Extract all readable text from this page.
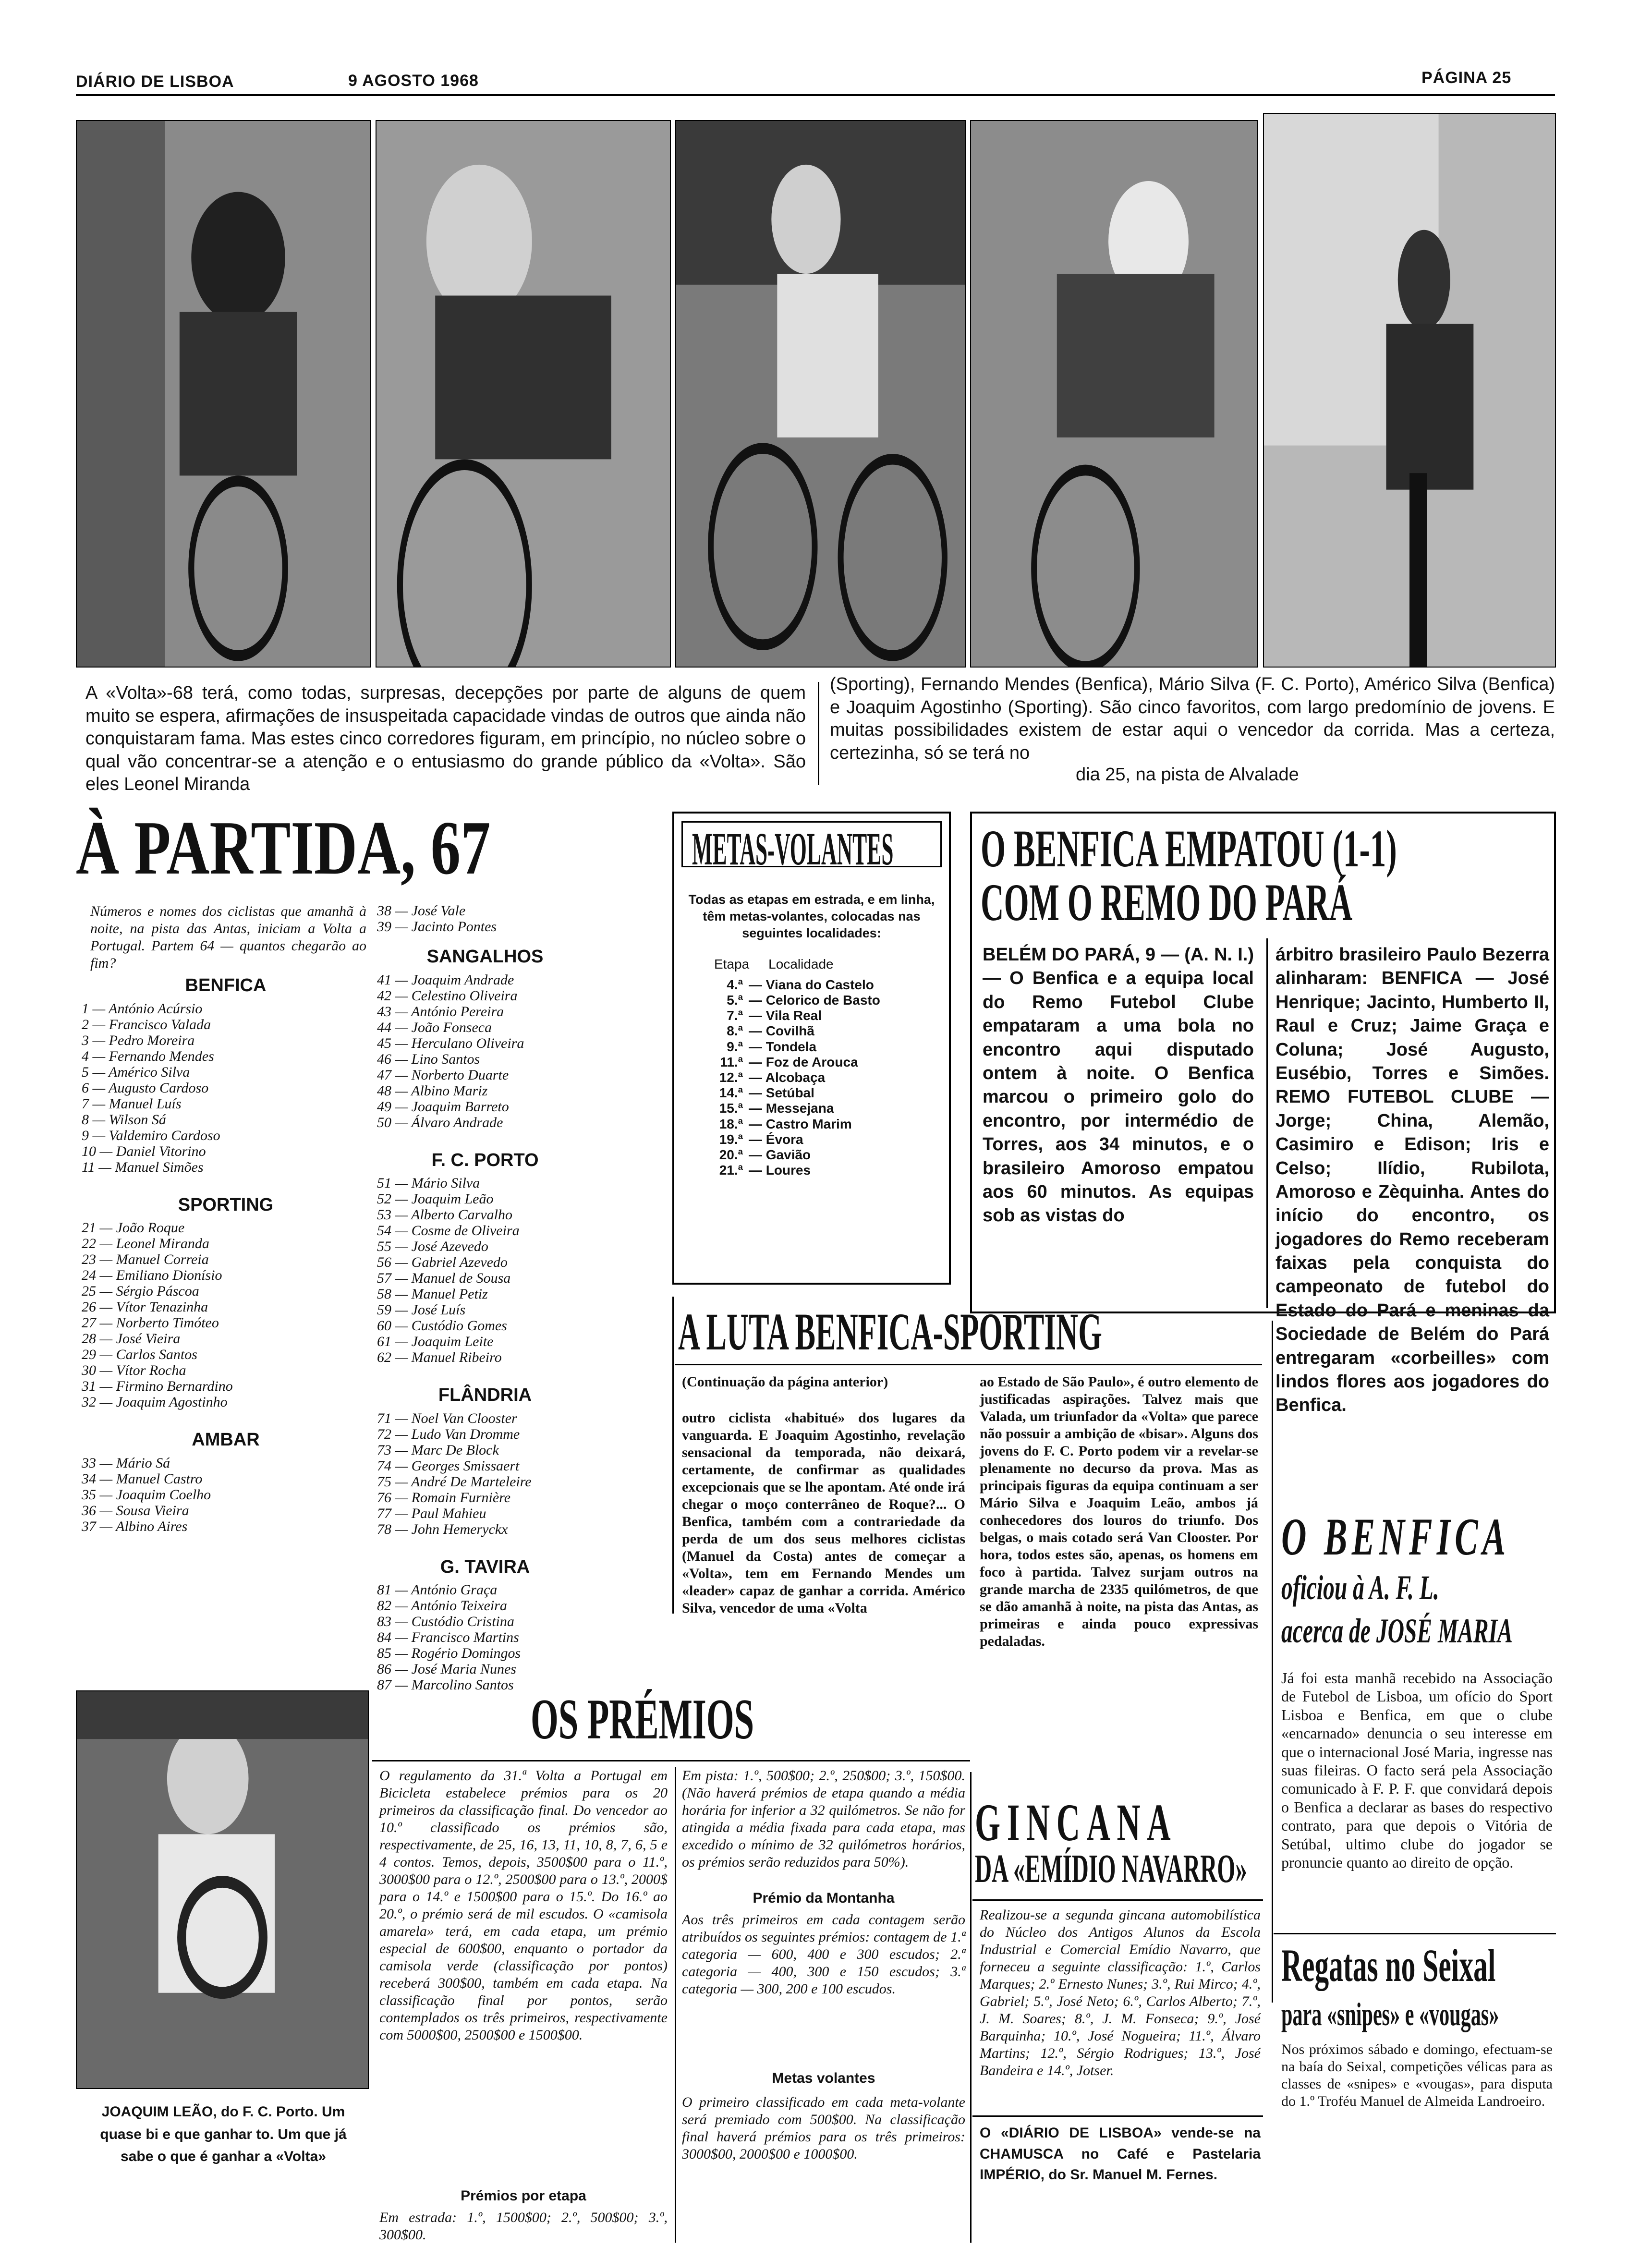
DIÁRIO DE LISBOA	9 AGOSTO 1968	PÁGINA 25
A «Volta»-68 terá, como todas, surpresas, decepções por parte de alguns de quem muito se espera, afirmações de insuspeitada capacidade vindas de outros que ainda não conquistaram fama. Mas estes cinco corredores figuram, em princípio, no núcleo sobre o qual vão concentrar-se a atenção e o entusiasmo do grande público da «Volta». São eles Leonel Miranda
(Sporting), Fernando Mendes (Benfica), Mário Silva (F. C. Porto), Américo Silva (Benfica) e Joaquim Agostinho (Sporting). São cinco favoritos, com largo predomínio de jovens. E muitas possibilidades existem de estar aqui o vencedor da corrida. Mas a certeza, certezinha, só se terá no
dia 25, na pista de Alvalade
À PARTIDA, 67
Números e nomes dos ciclistas que amanhã à noite, na pista das Antas, iniciam a Volta a Portugal. Partem 64 — quantos chegarão ao fim?
BENFICA
1 — António Acúrsio
2 — Francisco Valada
3 — Pedro Moreira
4 — Fernando Mendes
5 — Américo Silva
6 — Augusto Cardoso
7 — Manuel Luís
8 — Wilson Sá
9 — Valdemiro Cardoso
10 — Daniel Vitorino
11 — Manuel Simões
SPORTING
21 — João Roque
22 — Leonel Miranda
23 — Manuel Correia
24 — Emiliano Dionísio
25 — Sérgio Páscoa
26 — Vítor Tenazinha
27 — Norberto Timóteo
28 — José Vieira
29 — Carlos Santos
30 — Vítor Rocha
31 — Firmino Bernardino
32 — Joaquim Agostinho
AMBAR
33 — Mário Sá
34 — Manuel Castro
35 — Joaquim Coelho
36 — Sousa Vieira
37 — Albino Aires
38 — José Vale
39 — Jacinto Pontes
SANGALHOS
41 — Joaquim Andrade
42 — Celestino Oliveira
43 — António Pereira
44 — João Fonseca
45 — Herculano Oliveira
46 — Lino Santos
47 — Norberto Duarte
48 — Albino Mariz
49 — Joaquim Barreto
50 — Álvaro Andrade
F. C. PORTO
51 — Mário Silva
52 — Joaquim Leão
53 — Alberto Carvalho
54 — Cosme de Oliveira
55 — José Azevedo
56 — Gabriel Azevedo
57 — Manuel de Sousa
58 — Manuel Petiz
59 — José Luís
60 — Custódio Gomes
61 — Joaquim Leite
62 — Manuel Ribeiro
FLÂNDRIA
71 — Noel Van Clooster
72 — Ludo Van Dromme
73 — Marc De Block
74 — Georges Smissaert
75 — André De Marteleire
76 — Romain Furnière
77 — Paul Mahieu
78 — John Hemeryckx
G. TAVIRA
81 — António Graça
82 — António Teixeira
83 — Custódio Cristina
84 — Francisco Martins
85 — Rogério Domingos
86 — José Maria Nunes
87 — Marcolino Santos
METAS-VOLANTES
Todas as etapas em estrada, e em linha, têm metas-volantes, colocadas nas seguintes localidades:
Etapa Localidade
4.ª — Viana do Castelo
5.ª — Celorico de Basto
7.ª — Vila Real
8.ª — Covilhã
9.ª — Tondela
11.ª — Foz de Arouca
12.ª — Alcobaça
14.ª — Setúbal
15.ª — Messejana
18.ª — Castro Marim
19.ª — Évora
20.ª — Gavião
21.ª — Loures
A LUTA BENFICA-SPORTING
(Continuação da página anterior)
outro ciclista «habitué» dos lugares da vanguarda. E Joaquim Agostinho, revelação sensacional da temporada, não deixará, certamente, de confirmar as qualidades excepcionais que se lhe apontam. Até onde irá chegar o moço conterrâneo de Roque?... O Benfica, também com a contrariedade da perda de um dos seus melhores ciclistas (Manuel da Costa) antes de começar a «Volta», tem em Fernando Mendes um «leader» capaz de ganhar a corrida. Américo Silva, vencedor de uma «Volta
ao Estado de São Paulo», é outro elemento de justificadas aspirações. Talvez mais que Valada, um triunfador da «Volta» que parece não possuir a ambição de «bisar». Alguns dos jovens do F. C. Porto podem vir a revelar-se plenamente no decurso da prova. Mas as principais figuras da equipa continuam a ser Mário Silva e Joaquim Leão, ambos já conhecedores dos louros do triunfo. Dos belgas, o mais cotado será Van Clooster. Por hora, todos estes são, apenas, os homens em foco à partida. Talvez surjam outros na grande marcha de 2335 quilómetros, de que se dão amanhã à noite, na pista das Antas, as primeiras e ainda pouco expressivas pedaladas.
O BENFICA EMPATOU (1-1)
COM O REMO DO PARÁ
BELÉM DO PARÁ, 9 — (A. N. I.) — O Benfica e a equipa local do Remo Futebol Clube empataram a uma bola no encontro aqui disputado ontem à noite. O Benfica marcou o primeiro golo do encontro, por intermédio de Torres, aos 34 minutos, e o brasileiro Amoroso empatou aos 60 minutos. As equipas sob as vistas do
árbitro brasileiro Paulo Bezerra alinharam: BENFICA — José Henrique; Jacinto, Humberto II, Raul e Cruz; Jaime Graça e Coluna; José Augusto, Eusébio, Torres e Simões. REMO FUTEBOL CLUBE — Jorge; China, Alemão, Casimiro e Edison; Iris e Celso; Ilídio, Rubilota, Amoroso e Zèquinha. Antes do início do encontro, os jogadores do Remo receberam faixas pela conquista do campeonato de futebol do Estado do Pará e meninas da Sociedade de Belém do Pará entregaram «corbeilles» com lindos flores aos jogadores do Benfica.
O BENFICA
oficiou à A. F. L.
acerca de JOSÉ MARIA
Já foi esta manhã recebido na Associação de Futebol de Lisboa, um ofício do Sport Lisboa e Benfica, em que o clube «encarnado» denuncia o seu interesse em que o internacional José Maria, ingresse nas suas fileiras. O facto será pela Associação comunicado à F. P. F. que convidará depois o Benfica a declarar as bases do respectivo contrato, para que depois o Vitória de Setúbal, ultimo clube do jogador se pronuncie quanto ao direito de opção.
Regatas no Seixal
para «snipes» e «vougas»
Nos próximos sábado e domingo, efectuam-se na baía do Seixal, competições vélicas para as classes de «snipes» e «vougas», para disputa do 1.º Troféu Manuel de Almeida Landroeiro.
OS PRÉMIOS
O regulamento da 31.ª Volta a Portugal em Bicicleta estabelece prémios para os 20 primeiros da classificação final. Do vencedor ao 10.º classificado os prémios são, respectivamente, de 25, 16, 13, 11, 10, 8, 7, 6, 5 e 4 contos. Temos, depois, 3500$00 para o 11.º, 3000$00 para o 12.º, 2500$00 para o 13.º, 2000$ para o 14.º e 1500$00 para o 15.º. Do 16.º ao 20.º, o prémio será de mil escudos. O «camisola amarela» terá, em cada etapa, um prémio especial de 600$00, enquanto o portador da camisola verde (classificação por pontos) receberá 300$00, também em cada etapa. Na classificação final por pontos, serão contemplados os três primeiros, respectivamente com 5000$00, 2500$00 e 1500$00.
Prémios por etapa
Em estrada: 1.º, 1500$00; 2.º, 500$00; 3.º, 300$00.
Em pista: 1.º, 500$00; 2.º, 250$00; 3.º, 150$00. (Não haverá prémios de etapa quando a média horária for inferior a 32 quilómetros. Se não for atingida a média fixada para cada etapa, mas excedido o mínimo de 32 quilómetros horários, os prémios serão reduzidos para 50%).
Prémio da Montanha
Aos três primeiros em cada contagem serão atribuídos os seguintes prémios: contagem de 1.ª categoria — 600, 400 e 300 escudos; 2.ª categoria — 400, 300 e 150 escudos; 3.ª categoria — 300, 200 e 100 escudos.
Metas volantes
O primeiro classificado em cada meta-volante será premiado com 500$00. Na classificação final haverá prémios para os três primeiros: 3000$00, 2000$00 e 1000$00.
JOAQUIM LEÃO, do F. C. Porto. Um quase bi e que ganhar to. Um que já sabe o que é ganhar a «Volta»
GINCANA
DA «EMÍDIO NAVARRO»
Realizou-se a segunda gincana automobilística do Núcleo dos Antigos Alunos da Escola Industrial e Comercial Emídio Navarro, que forneceu a seguinte classificação: 1.º, Carlos Marques; 2.º Ernesto Nunes; 3.º, Rui Mirco; 4.º, Gabriel; 5.º, José Neto; 6.º, Carlos Alberto; 7.º, J. M. Soares; 8.º, J. M. Fonseca; 9.º, José Barquinha; 10.º, José Nogueira; 11.º, Álvaro Martins; 12.º, Sérgio Rodrigues; 13.º, José Bandeira e 14.º, Jotser.
O «DIÁRIO DE LISBOA» vende-se na CHAMUSCA no Café e Pastelaria IMPÉRIO, do Sr. Manuel M. Fernes.
